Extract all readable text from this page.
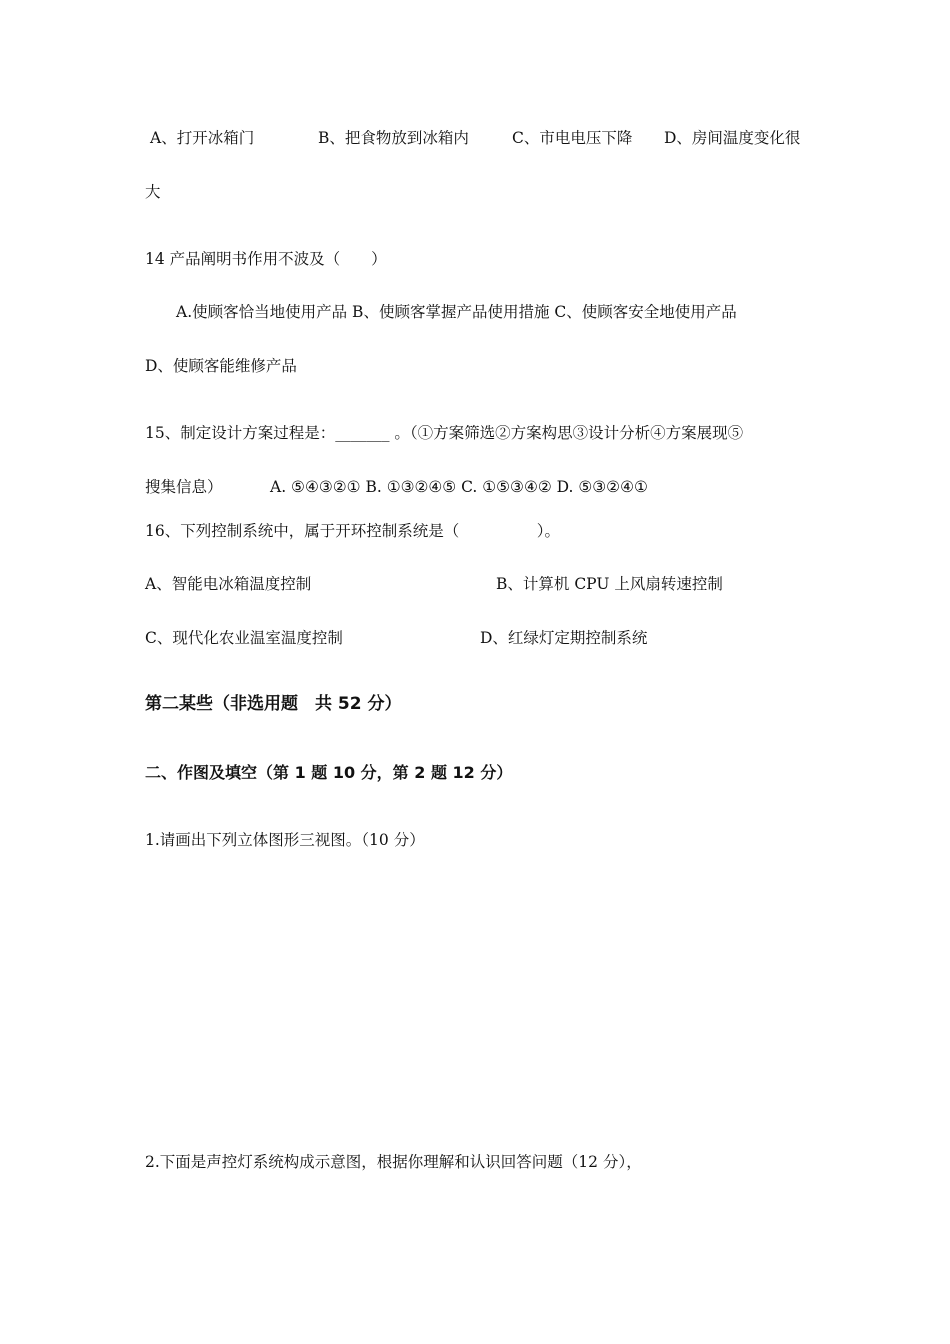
A、打开冰箱门	B、把食物放到冰箱内	C、市电电压下降 D、房间温度变化很
大
14 产品阐明书作用不波及（　　）
A.使顾客恰当地使用产品 B、使顾客掌握产品使用措施 C、使顾客安全地使用产品
D、使顾客能维修产品
15、制定设计方案过程是：_______ 。（①方案筛选②方案构思③设计分析④方案展现⑤
搜集信息）	A. ⑤④③②① B. ①③②④⑤ C. ①⑤③④② D. ⑤③②④①
16、下列控制系统中，属于开环控制系统是（　　　　　）。
A、智能电冰箱温度控制	B、计算机 CPU 上风扇转速控制
C、现代化农业温室温度控制	D、红绿灯定期控制系统
第二某些（非选用题　共 52 分）
二、作图及填空（第 1 题 10 分，第 2 题 12 分）
1.请画出下列立体图形三视图。（10 分）
2.下面是声控灯系统构成示意图，根据你理解和认识回答问题（12 分），
